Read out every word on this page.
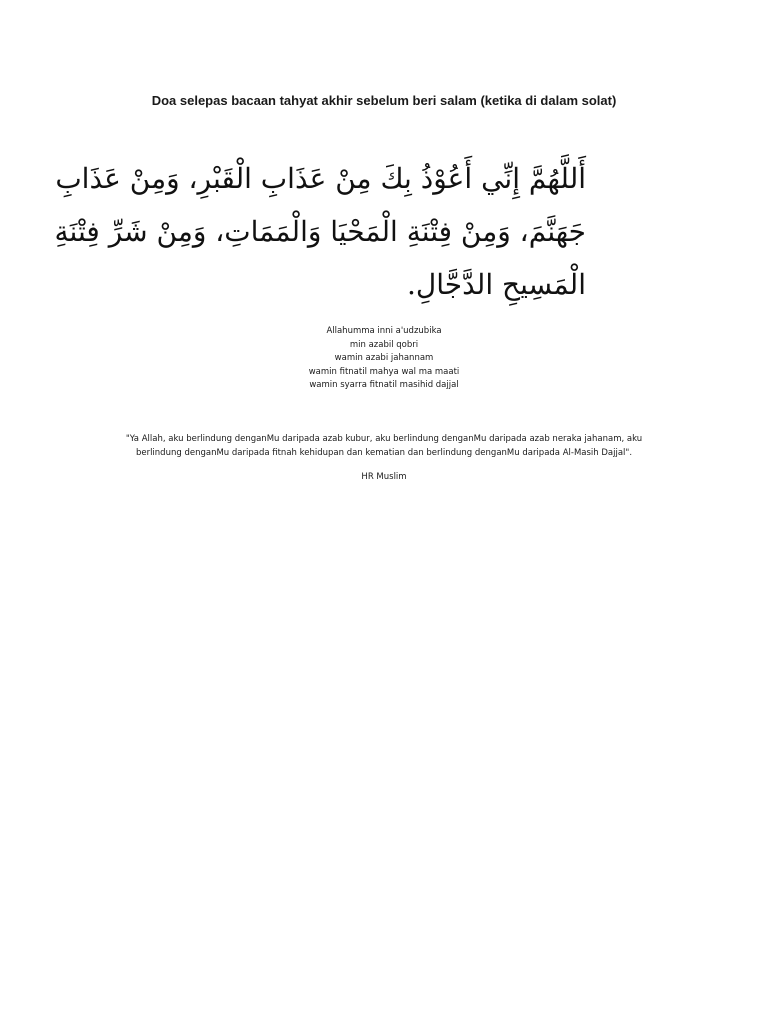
Doa selepas bacaan tahyat akhir sebelum beri salam (ketika di dalam solat)
أَللَّهُمَّ إِنِّي أَعُوْذُ بِكَ مِنْ عَذَابِ الْقَبْرِ، وَمِنْ عَذَابِ
جَهَنَّمَ، وَمِنْ فِتْنَةِ الْمَحْيَا وَالْمَمَاتِ، وَمِنْ شَرِّ فِتْنَةِ
الْمَسِيحِ الدَّجَّالِ.
Allahumma inni a'udzubika
min azabil qobri
wamin azabi jahannam
wamin fitnatil mahya wal ma maati
wamin syarra fitnatil masihid dajjal
"Ya Allah, aku berlindung denganMu daripada azab kubur, aku berlindung denganMu daripada azab neraka jahanam, aku berlindung denganMu daripada fitnah kehidupan dan kematian dan berlindung denganMu daripada Al-Masih Dajjal".
HR Muslim
